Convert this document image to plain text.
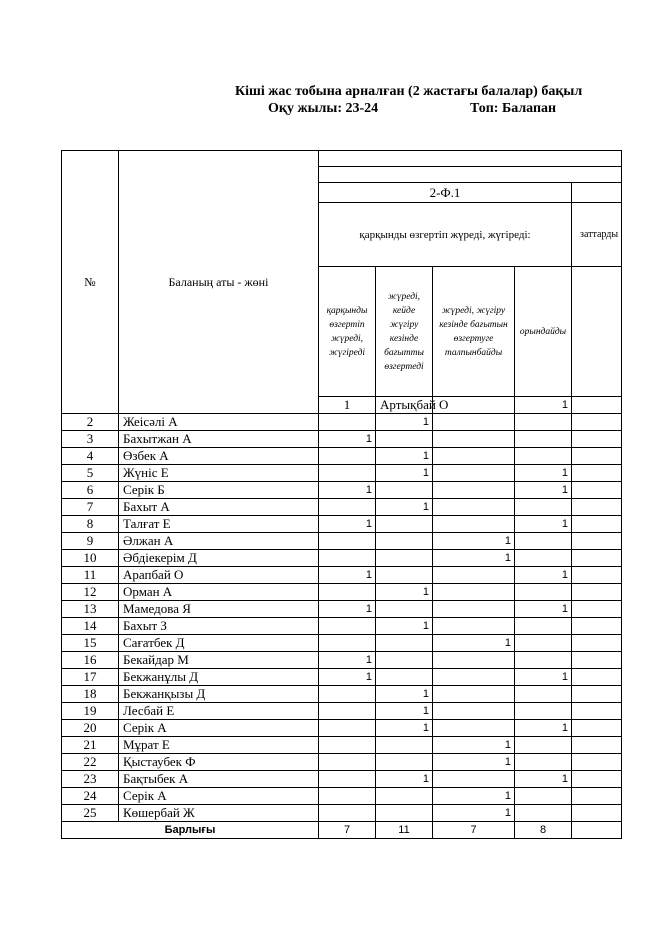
Кіші жас тобына арналған (2 жастағы балалар) бақыл
Оқу жылы: 23-24	Топ: Балапан
№	Баланың аты - жөні						

		2-Ф.1					
		қарқынды өзгертіп жүреді, жүгіреді:				заттарды	
		қарқынды өзгертіп жүреді, жүгіреді	жүреді, кейде жүгіру кезінде бағытты өзгертеді	жүреді, жүгіру кезінде бағытын өзгертуге талпынбайды	орындайды		
		1	Артықбай О		1			
2	Жеісәлі А		1				
3	Бахытжан А	1					
4	Өзбек А		1				
5	Жүніс Е		1		1		
6	Серік Б	1			1		
7	Бахыт А		1				
8	Талғат Е	1			1		
9	Әлжан А			1			
10	Әбдіекерім Д			1			
11	Арапбай О	1			1		
12	Орман А		1				
13	Мамедова Я	1			1		
14	Бахыт З		1				
15	Сағатбек Д			1			
16	Бекайдар М	1					
17	Бекжанұлы Д	1			1		
18	Бекжанқызы Д		1				
19	Лесбай Е		1				
20	Серік А		1		1		
21	Мұрат Е			1			
22	Қыстаубек Ф			1			
23	Бақтыбек А		1		1		
24	Серік А			1			
25	Көшербай Ж			1			
Барлығы		7	11	7	8		
